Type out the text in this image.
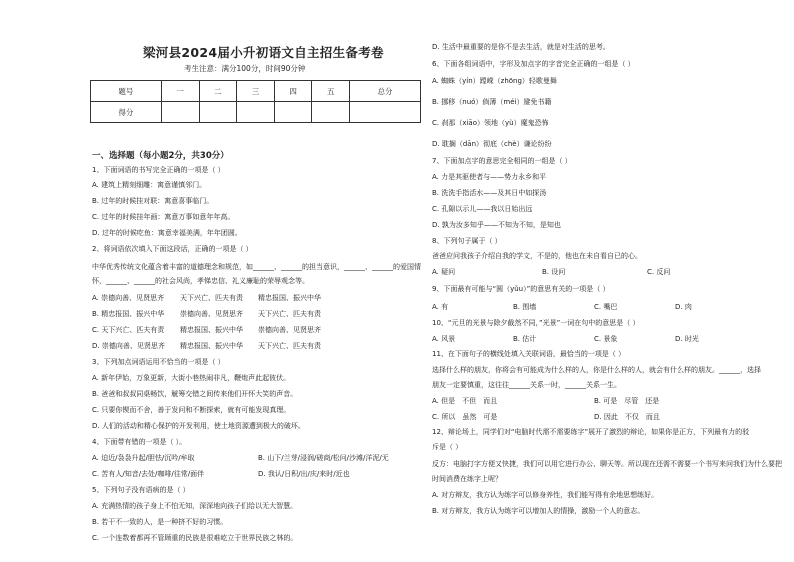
梁河县2024届小升初语文自主招生备考卷
考生注意：满分100分，时间90分钟
题号	一	二	三	四	五	总分
得分						
一、选择题（每小题2分，共30分）
1、下面词语的书写完全正确的一项是（ ）
A. 建筑上精刻细雕：寓意谨慎邻门。
B. 过年的时候挂对联：寓意喜事临门。
C. 过年的时候挂年画：寓意万事如意年年高。
D. 过年的时候吃鱼：寓意幸福美满，年年团圆。
2、将词语依次填入下面这段话，正确的一项是（ ）
中华优秀传统文化蕴含着丰富的道德理念和规范，如______、______的担当意识，______、______的爱国情怀，______、______的社会风尚，孝悌忠信、礼义廉耻的荣辱观念等。
A. 崇德向善、见贤思齐 天下兴亡、匹夫有责 精忠报国、振兴中华
B. 精忠报国、振兴中华 崇德向善、见贤思齐 天下兴亡、匹夫有责
C. 天下兴亡、匹夫有责 精忠报国、振兴中华 崇德向善、见贤思齐
D. 崇德向善、见贤思齐 精忠报国、振兴中华 天下兴亡、匹夫有责
3、下列加点词语运用不恰当的一项是（ ）
A. 新年伊始，万象更新，大街小巷热闹非凡，鞭炮声此起彼伏。
B. 爸爸和叔叔同桌畅饮，觥筹交错之间传来他们开怀大笑的声音。
C. 只要你锲而不舍，善于发问和不断探索，就有可能发现真理。
D. 人们的活动和精心保护的开发利用，使土地资源遭到极大的破坏。
4、下面带有错的一项是（ ）。
A. 迫近/袅袅升起/胆怯/沉吟/牟取	B. 山下/兰芽/浸润/磋商/松问/沙滩/洋泥/无
C. 苦有人/知音/去处/咖啡/往常/面伴	D. 我认/日积/出/庆/来时/近也
5、下列句子没有语病的是（ ）
A. 充满热情的孩子身上不怕无知，深深地向孩子们给以无大智慧。
B. 若干不一致的人，是一种挤不好的习惯。
C. 一个连数着都再不管顾重的民族是很难屹立于世界民族之林的。
D. 生活中最重要的是你不是去生活，就是对生活的思考。
6、下面各组词语中，字形及加点字的字音完全正确的一组是（ ）
A. 蜘蛛（yín）蹚嵘（zhōng）轻歌曼舞
B. 挪移（nuó）倘薄（méi）避免书籍
C. 刹那（xiāo）领地（yù）魔鬼恐怖
D. 耽搁（dān）彻底（chè）谦论纷纷
7、下面加点字的意思完全相同的一组是（ ）
A. 力是其驱使者与——势力永乡和平
B. 洗洗手指活水——及其日中如探汤
C. 孔隙以示儿——我以日始出远
D. 孰为汝多知乎——不知为不知，是知也
8、下列句子属于（ ）
爸爸应问我孩子介绍自我的学文，不是的，他也在未自看自已的心。
A. 疑问	B. 设问	C. 反问
9、下面最有可能与“圆（yǔu）”的意思有关的一项是（ ）
A. 有	B. 围墙	C. 嘴巴	D. 肉
10、“元旦的光景与除夕截然不同，”光景”一词在句中的意思是（ ）
A. 风景	B. 估计	C. 景象	D. 时光
11、在下面句子的横线处填入关联词语，最恰当的一项是（ ）
选择什么样的朋友，你将会有可能成为什么样的人，你是什么样的人，就会有什么样的朋友。______，选择
朋友一定要慎重，这往往______关系一时，______关系一生。
A. 但是　不但　而且	B. 可是　尽管　还是
C. 所以　虽然　可是	D. 因此　不仅　而且
12、辩论场上，同学们对“电脑时代需不需要练字”展开了激烈的辩论，如果你是正方，下列最有力的驳
斥是（ ）
反方：电脑打字方便又快捷，我们可以用它进行办公、聊天等。所以现在还需不需要一个书写来问我们为什么要把
时间消费在练字上呢？
A. 对方辩友，我方认为练字可以修身养性，我们能写得有余地思想练好。
B. 对方辩友，我方认为练字可以增加人的情操，激励一个人的意志。
